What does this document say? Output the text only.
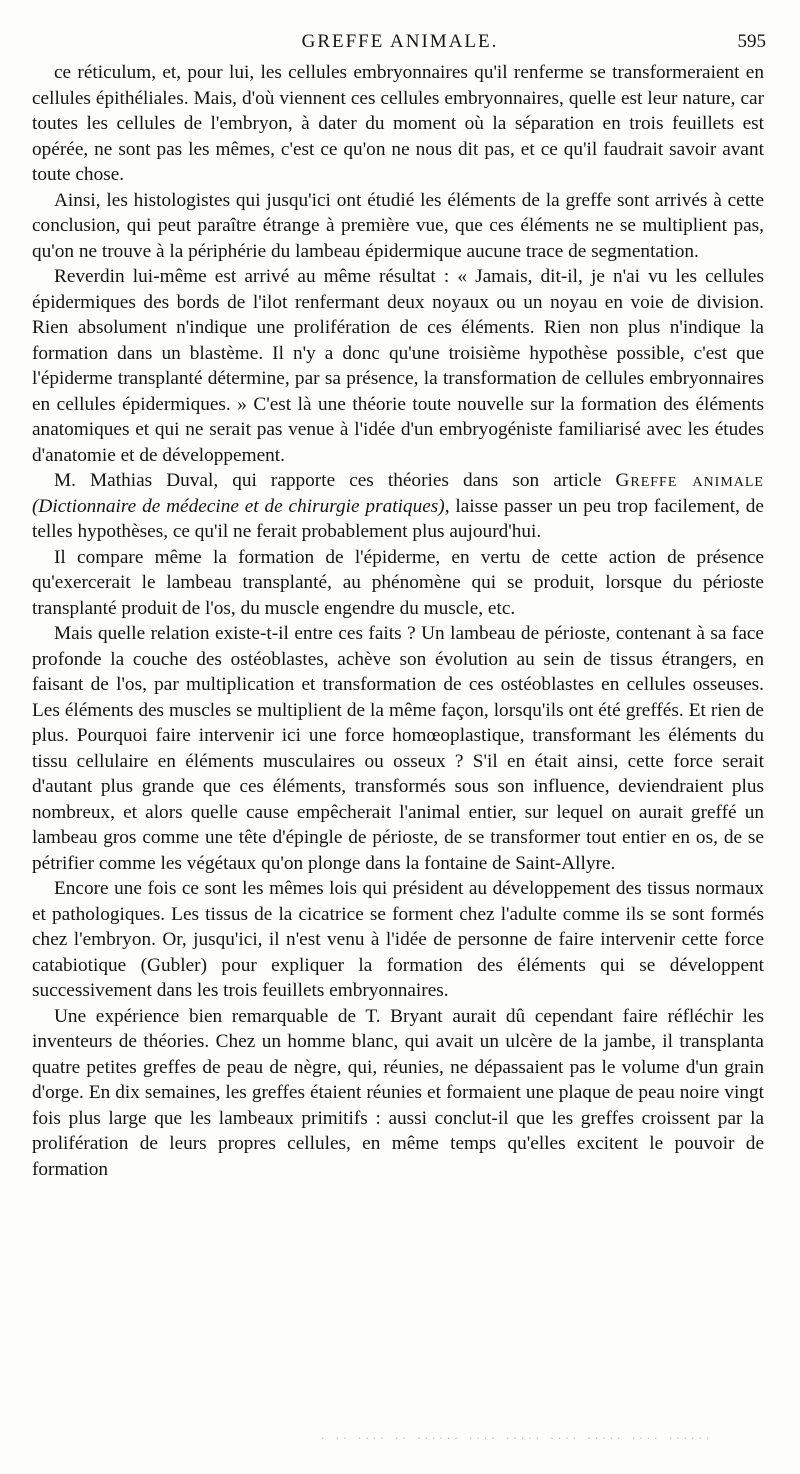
GREFFE ANIMALE.	595

ce réticulum, et, pour lui, les cellules embryonnaires qu'il renferme se transformeraient en cellules épithéliales. Mais, d'où viennent ces cellules embryonnaires, quelle est leur nature, car toutes les cellules de l'embryon, à dater du moment où la séparation en trois feuillets est opérée, ne sont pas les mêmes, c'est ce qu'on ne nous dit pas, et ce qu'il faudrait savoir avant toute chose.

Ainsi, les histologistes qui jusqu'ici ont étudié les éléments de la greffe sont arrivés à cette conclusion, qui peut paraître étrange à première vue, que ces éléments ne se multiplient pas, qu'on ne trouve à la périphérie du lambeau épidermique aucune trace de segmentation.

Reverdin lui-même est arrivé au même résultat : « Jamais, dit-il, je n'ai vu les cellules épidermiques des bords de l'ilot renfermant deux noyaux ou un noyau en voie de division. Rien absolument n'indique une prolifération de ces éléments. Rien non plus n'indique la formation dans un blastème. Il n'y a donc qu'une troisième hypothèse possible, c'est que l'épiderme transplanté détermine, par sa présence, la transformation de cellules embryonnaires en cellules épidermiques. » C'est là une théorie toute nouvelle sur la formation des éléments anatomiques et qui ne serait pas venue à l'idée d'un embryogéniste familiarisé avec les études d'anatomie et de développement.

M. Mathias Duval, qui rapporte ces théories dans son article Greffe animale (Dictionnaire de médecine et de chirurgie pratiques), laisse passer un peu trop facilement, de telles hypothèses, ce qu'il ne ferait probablement plus aujourd'hui.

Il compare même la formation de l'épiderme, en vertu de cette action de présence qu'exercerait le lambeau transplanté, au phénomène qui se produit, lorsque du périoste transplanté produit de l'os, du muscle engendre du muscle, etc.

Mais quelle relation existe-t-il entre ces faits ? Un lambeau de périoste, contenant à sa face profonde la couche des ostéoblastes, achève son évolution au sein de tissus étrangers, en faisant de l'os, par multiplication et transformation de ces ostéoblastes en cellules osseuses. Les éléments des muscles se multiplient de la même façon, lorsqu'ils ont été greffés. Et rien de plus. Pourquoi faire intervenir ici une force homœoplastique, transformant les éléments du tissu cellulaire en éléments musculaires ou osseux ? S'il en était ainsi, cette force serait d'autant plus grande que ces éléments, transformés sous son influence, deviendraient plus nombreux, et alors quelle cause empêcherait l'animal entier, sur lequel on aurait greffé un lambeau gros comme une tête d'épingle de périoste, de se transformer tout entier en os, de se pétrifier comme les végétaux qu'on plonge dans la fontaine de Saint-Allyre.

Encore une fois ce sont les mêmes lois qui président au développement des tissus normaux et pathologiques. Les tissus de la cicatrice se forment chez l'adulte comme ils se sont formés chez l'embryon. Or, jusqu'ici, il n'est venu à l'idée de personne de faire intervenir cette force catabiotique (Gubler) pour expliquer la formation des éléments qui se développent successivement dans les trois feuillets embryonnaires.

Une expérience bien remarquable de T. Bryant aurait dû cependant faire réfléchir les inventeurs de théories. Chez un homme blanc, qui avait un ulcère de la jambe, il transplanta quatre petites greffes de peau de nègre, qui, réunies, ne dépassaient pas le volume d'un grain d'orge. En dix semaines, les greffes étaient réunies et formaient une plaque de peau noire vingt fois plus large que les lambeaux primitifs : aussi conclut-il que les greffes croissent par la prolifération de leurs propres cellules, en même temps qu'elles excitent le pouvoir de formation

. .. .... .. ...... .... ..... .... ..... .... ......
